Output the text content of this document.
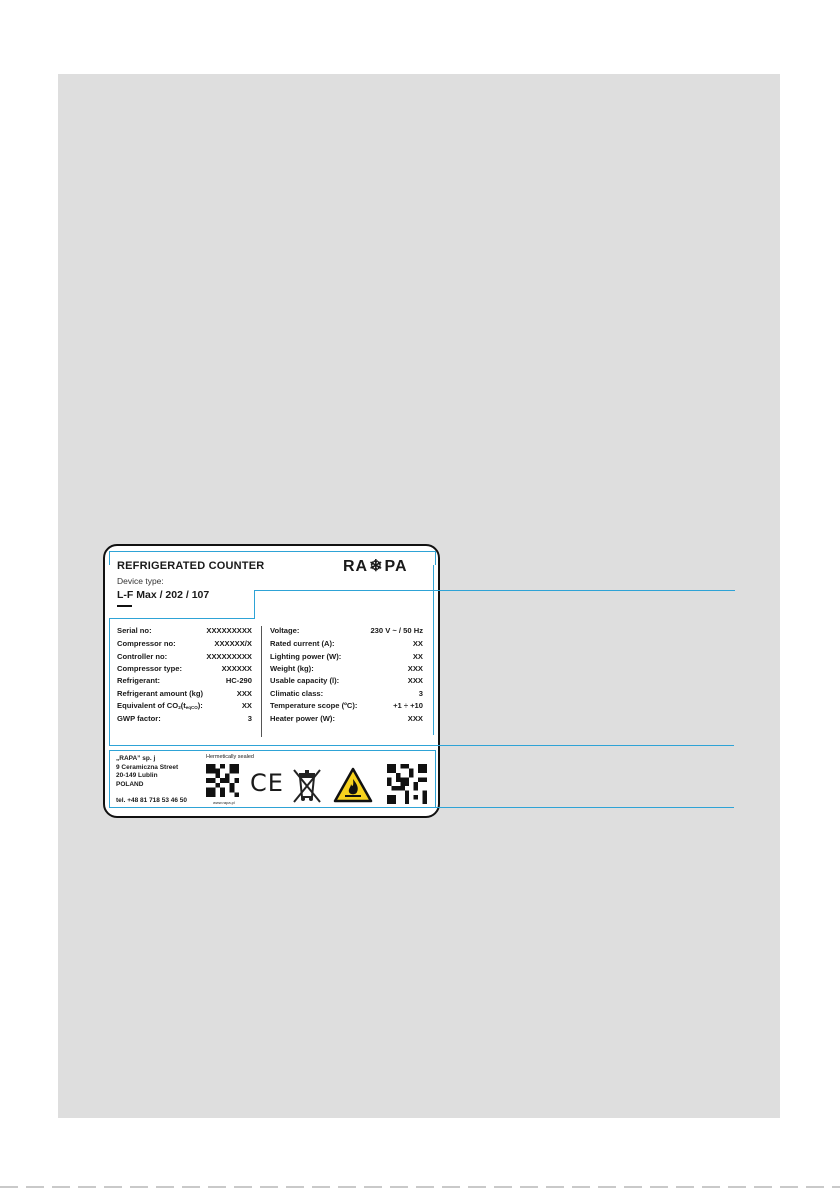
REFRIGERATED COUNTER	RA ❄ PA
Device type:
L-F Max / 202 / 107
Serial no:	XXXXXXXXX
Compressor no:	XXXXXX/X
Controller no:	XXXXXXXXX
Compressor type:	XXXXXX
Refrigerant:	HC-290
Refrigerant amount (kg)	XXX
Equivalent of $CO_2(t_{eqCO})$:	XX
GWP factor:	3
Voltage:	230 V ~ / 50 Hz
Rated current (A):	XX
Lighting power (W):	XX
Weight (kg):	XXX
Usable capacity (l):	XXX
Climatic class:	3
Temperature scope (ºC):	+1 ÷ +10
Heater power (W):	XXX
„RAPA” sp. j
9 Ceramiczna Street
20-149 Lublin
POLAND
tel. +48 81 718 53 46 50
Hermetically sealed
www.rapa.pl
CE
